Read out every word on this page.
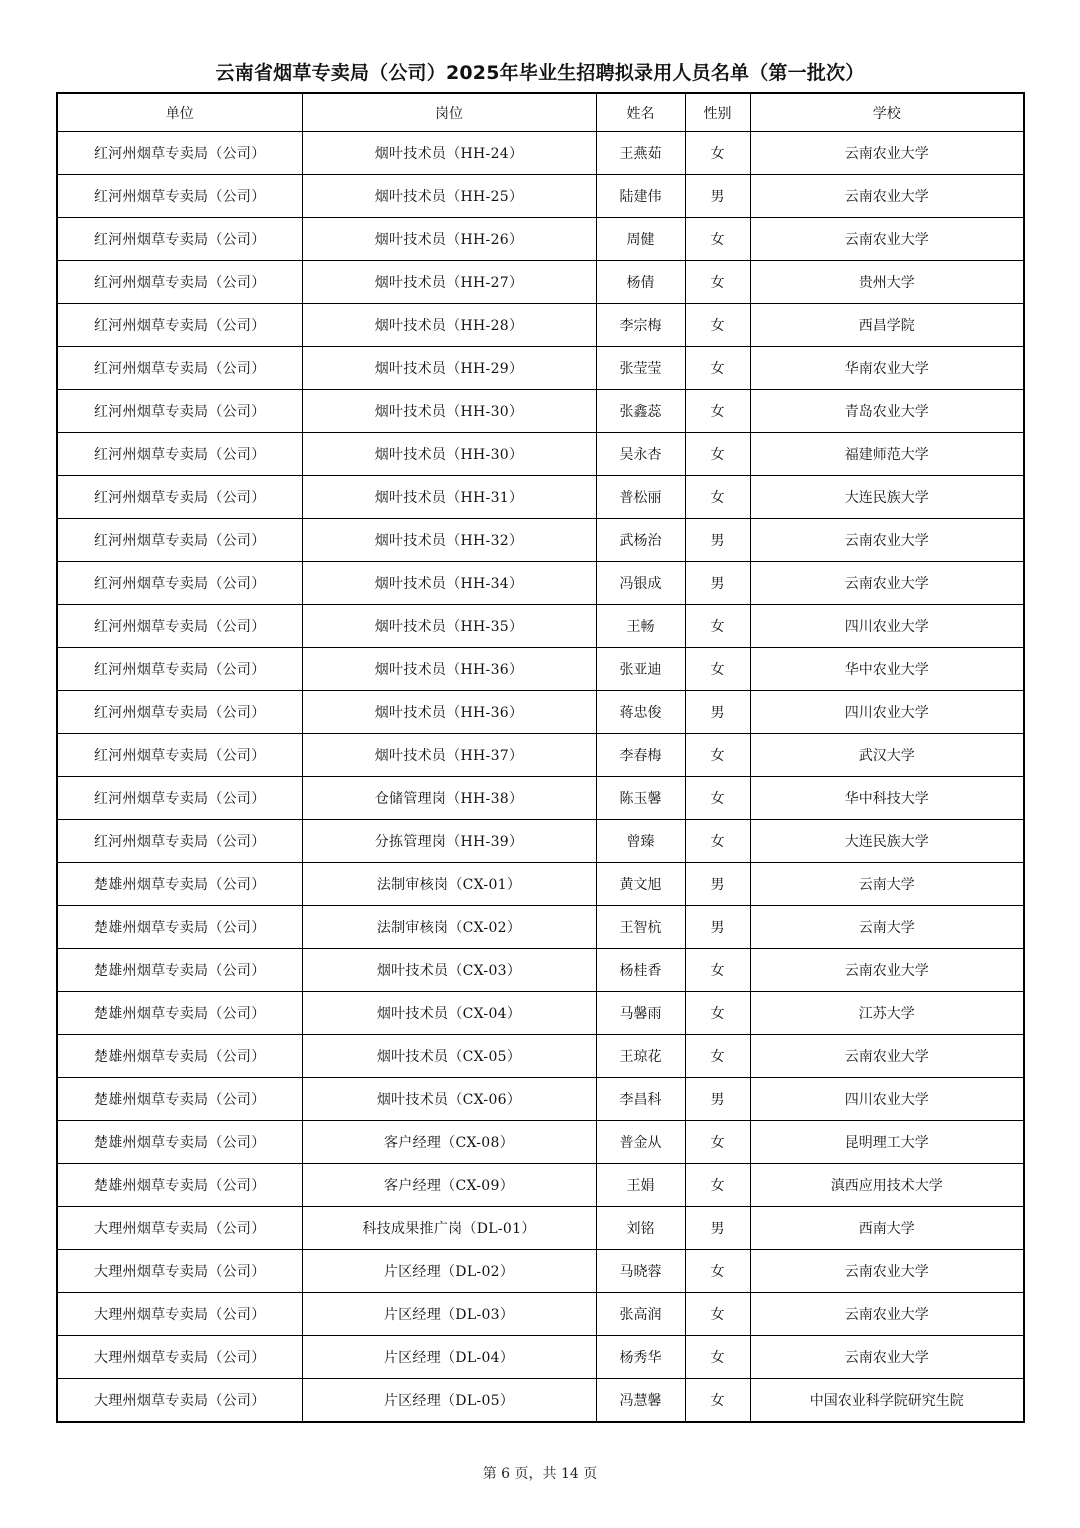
云南省烟草专卖局（公司）2025年毕业生招聘拟录用人员名单（第一批次）
单位	岗位	姓名	性别	学校
红河州烟草专卖局（公司）	烟叶技术员（HH-24）	王燕茹	女	云南农业大学
红河州烟草专卖局（公司）	烟叶技术员（HH-25）	陆建伟	男	云南农业大学
红河州烟草专卖局（公司）	烟叶技术员（HH-26）	周健	女	云南农业大学
红河州烟草专卖局（公司）	烟叶技术员（HH-27）	杨倩	女	贵州大学
红河州烟草专卖局（公司）	烟叶技术员（HH-28）	李宗梅	女	西昌学院
红河州烟草专卖局（公司）	烟叶技术员（HH-29）	张莹莹	女	华南农业大学
红河州烟草专卖局（公司）	烟叶技术员（HH-30）	张鑫蕊	女	青岛农业大学
红河州烟草专卖局（公司）	烟叶技术员（HH-30）	吴永杏	女	福建师范大学
红河州烟草专卖局（公司）	烟叶技术员（HH-31）	普松丽	女	大连民族大学
红河州烟草专卖局（公司）	烟叶技术员（HH-32）	武杨治	男	云南农业大学
红河州烟草专卖局（公司）	烟叶技术员（HH-34）	冯银成	男	云南农业大学
红河州烟草专卖局（公司）	烟叶技术员（HH-35）	王畅	女	四川农业大学
红河州烟草专卖局（公司）	烟叶技术员（HH-36）	张亚迪	女	华中农业大学
红河州烟草专卖局（公司）	烟叶技术员（HH-36）	蒋忠俊	男	四川农业大学
红河州烟草专卖局（公司）	烟叶技术员（HH-37）	李春梅	女	武汉大学
红河州烟草专卖局（公司）	仓储管理岗（HH-38）	陈玉馨	女	华中科技大学
红河州烟草专卖局（公司）	分拣管理岗（HH-39）	曾臻	女	大连民族大学
楚雄州烟草专卖局（公司）	法制审核岗（CX-01）	黄文旭	男	云南大学
楚雄州烟草专卖局（公司）	法制审核岗（CX-02）	王智杭	男	云南大学
楚雄州烟草专卖局（公司）	烟叶技术员（CX-03）	杨桂香	女	云南农业大学
楚雄州烟草专卖局（公司）	烟叶技术员（CX-04）	马馨雨	女	江苏大学
楚雄州烟草专卖局（公司）	烟叶技术员（CX-05）	王琼花	女	云南农业大学
楚雄州烟草专卖局（公司）	烟叶技术员（CX-06）	李昌科	男	四川农业大学
楚雄州烟草专卖局（公司）	客户经理（CX-08）	普金从	女	昆明理工大学
楚雄州烟草专卖局（公司）	客户经理（CX-09）	王娟	女	滇西应用技术大学
大理州烟草专卖局（公司）	科技成果推广岗（DL-01）	刘铭	男	西南大学
大理州烟草专卖局（公司）	片区经理（DL-02）	马晓蓉	女	云南农业大学
大理州烟草专卖局（公司）	片区经理（DL-03）	张高润	女	云南农业大学
大理州烟草专卖局（公司）	片区经理（DL-04）	杨秀华	女	云南农业大学
大理州烟草专卖局（公司）	片区经理（DL-05）	冯慧馨	女	中国农业科学院研究生院
第 6 页，共 14 页
